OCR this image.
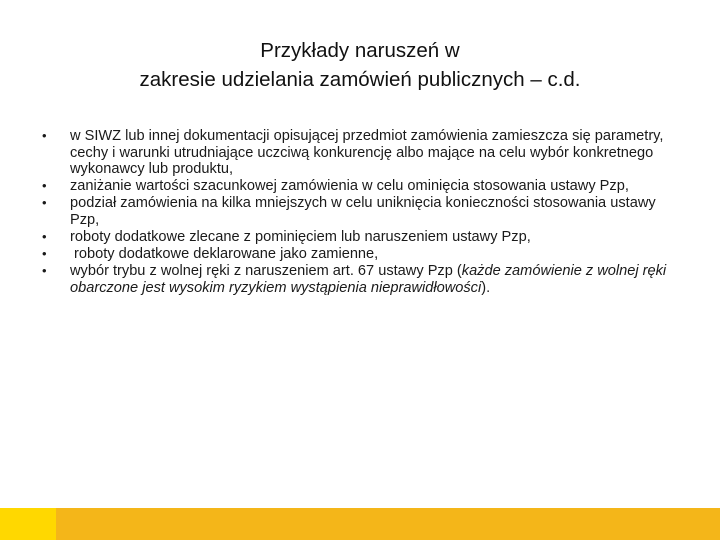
Przykłady naruszeń w
zakresie udzielania zamówień publicznych – c.d.
•	w SIWZ lub innej dokumentacji opisującej przedmiot zamówienia zamieszcza się parametry, cechy i warunki utrudniające uczciwą konkurencję albo mające na celu wybór konkretnego wykonawcy lub produktu,
•	zaniżanie wartości szacunkowej zamówienia w celu ominięcia stosowania ustawy Pzp,
•	podział zamówienia na kilka mniejszych w celu uniknięcia konieczności stosowania ustawy Pzp,
•	roboty dodatkowe zlecane z pominięciem lub naruszeniem ustawy Pzp,
•	roboty dodatkowe deklarowane jako zamienne,
•	wybór trybu z wolnej ręki z naruszeniem art. 67 ustawy Pzp (każde zamówienie z wolnej ręki obarczone jest wysokim ryzykiem wystąpienia nieprawidłowości).
